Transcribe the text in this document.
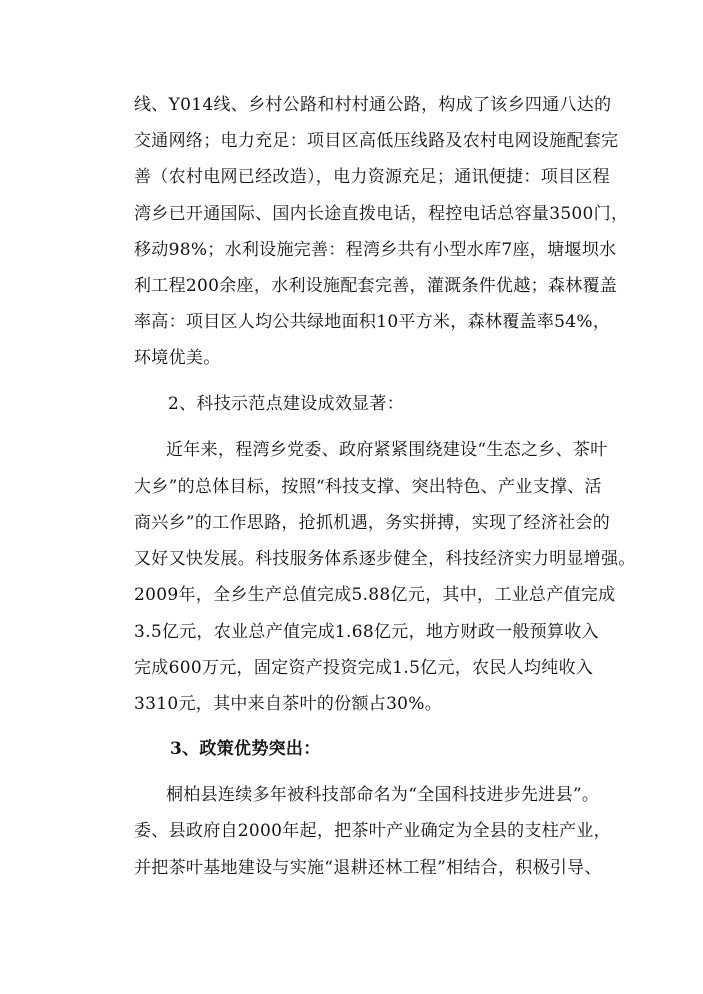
线、Y014线、乡村公路和村村通公路，构成了该乡四通八达的
交通网络；电力充足：项目区高低压线路及农村电网设施配套完
善（农村电网已经改造），电力资源充足；通讯便捷：项目区程
湾乡已开通国际、国内长途直拨电话，程控电话总容量3500门，
移动98%；水利设施完善：程湾乡共有小型水库7座，塘堰坝水
利工程200余座，水利设施配套完善，灌溉条件优越；森林覆盖
率高：项目区人均公共绿地面积10平方米，森林覆盖率54%，
环境优美。
2、科技示范点建设成效显著：
近年来，程湾乡党委、政府紧紧围绕建设“生态之乡、茶叶
大乡”的总体目标，按照“科技支撑、突出特色、产业支撑、活
商兴乡”的工作思路，抢抓机遇，务实拼搏，实现了经济社会的
又好又快发展。科技服务体系逐步健全，科技经济实力明显增强。
2009年，全乡生产总值完成5.88亿元，其中，工业总产值完成
3.5亿元，农业总产值完成1.68亿元，地方财政一般预算收入
完成600万元，固定资产投资完成1.5亿元，农民人均纯收入
3310元，其中来自茶叶的份额占30%。
3、政策优势突出：
桐柏县连续多年被科技部命名为“全国科技进步先进县”。
委、县政府自2000年起，把茶叶产业确定为全县的支柱产业，
并把茶叶基地建设与实施“退耕还林工程”相结合，积极引导、
